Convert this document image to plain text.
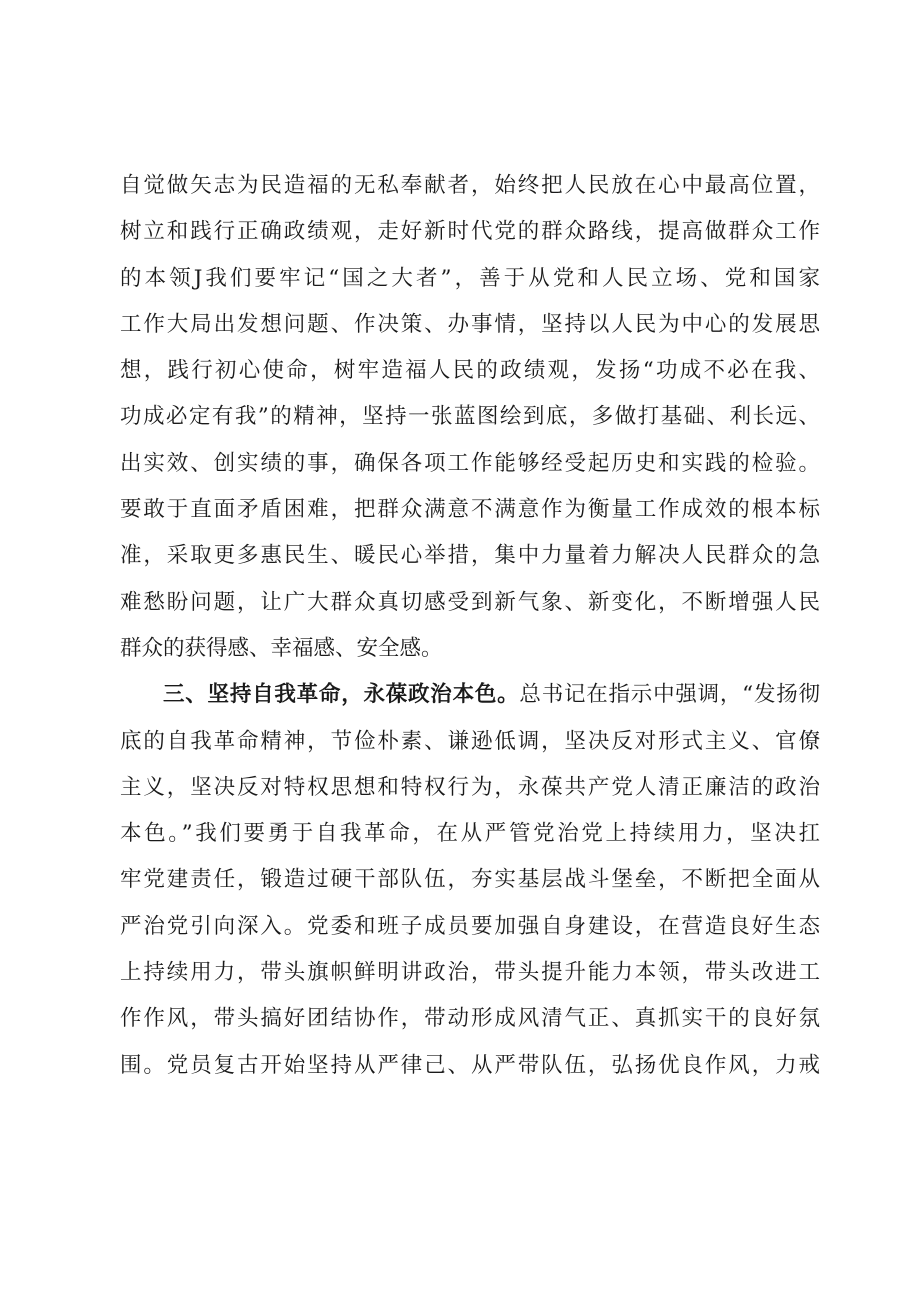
自觉做矢志为民造福的无私奉献者，始终把人民放在心中最高位置，
树立和践行正确政绩观，走好新时代党的群众路线，提高做群众工作
的本领J我们要牢记“国之大者”，善于从党和人民立场、党和国家
工作大局出发想问题、作决策、办事情，坚持以人民为中心的发展思
想，践行初心使命，树牢造福人民的政绩观，发扬“功成不必在我、
功成必定有我”的精神，坚持一张蓝图绘到底，多做打基础、利长远、
出实效、创实绩的事，确保各项工作能够经受起历史和实践的检验。
要敢于直面矛盾困难，把群众满意不满意作为衡量工作成效的根本标
准，采取更多惠民生、暖民心举措，集中力量着力解决人民群众的急
难愁盼问题，让广大群众真切感受到新气象、新变化，不断增强人民
群众的获得感、幸福感、安全感。
三、坚持自我革命，永葆政治本色。总书记在指示中强调，“发扬彻
底的自我革命精神，节俭朴素、谦逊低调，坚决反对形式主义、官僚
主义，坚决反对特权思想和特权行为，永葆共产党人清正廉洁的政治
本色。”我们要勇于自我革命，在从严管党治党上持续用力，坚决扛
牢党建责任，锻造过硬干部队伍，夯实基层战斗堡垒，不断把全面从
严治党引向深入。党委和班子成员要加强自身建设，在营造良好生态
上持续用力，带头旗帜鲜明讲政治，带头提升能力本领，带头改进工
作作风，带头搞好团结协作，带动形成风清气正、真抓实干的良好氛
围。党员复古开始坚持从严律己、从严带队伍，弘扬优良作风，力戒
